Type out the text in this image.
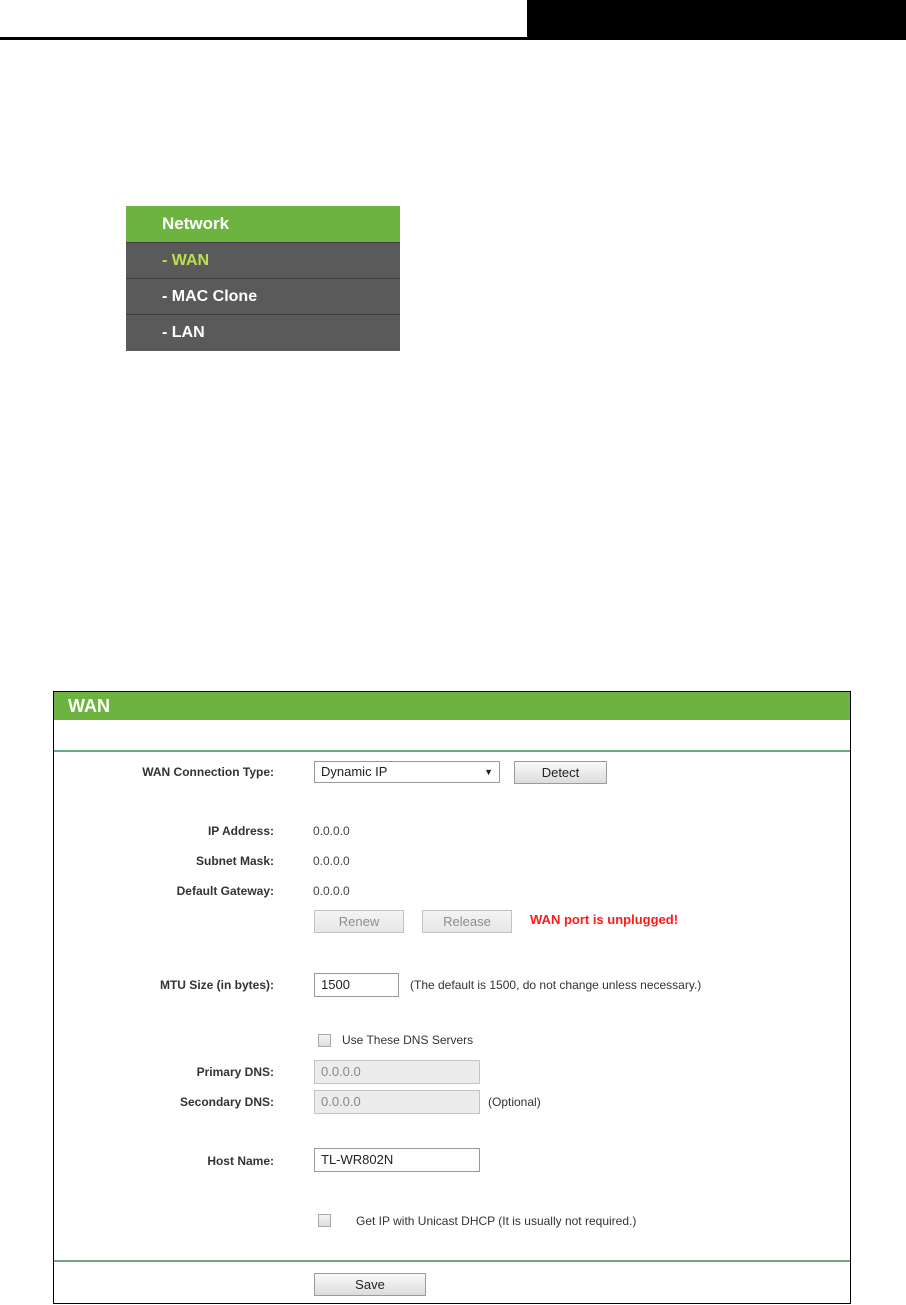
Network
- WAN
- MAC Clone
- LAN
WAN
WAN Connection Type:	Dynamic IP	▼	Detect
IP Address:	0.0.0.0
Subnet Mask:	0.0.0.0
Default Gateway:	0.0.0.0
Renew	Release	WAN port is unplugged!
MTU Size (in bytes):	1500	(The default is 1500, do not change unless necessary.)
Use These DNS Servers
Primary DNS:	0.0.0.0
Secondary DNS:	0.0.0.0	(Optional)
Host Name:	TL-WR802N
Get IP with Unicast DHCP (It is usually not required.)
Save
